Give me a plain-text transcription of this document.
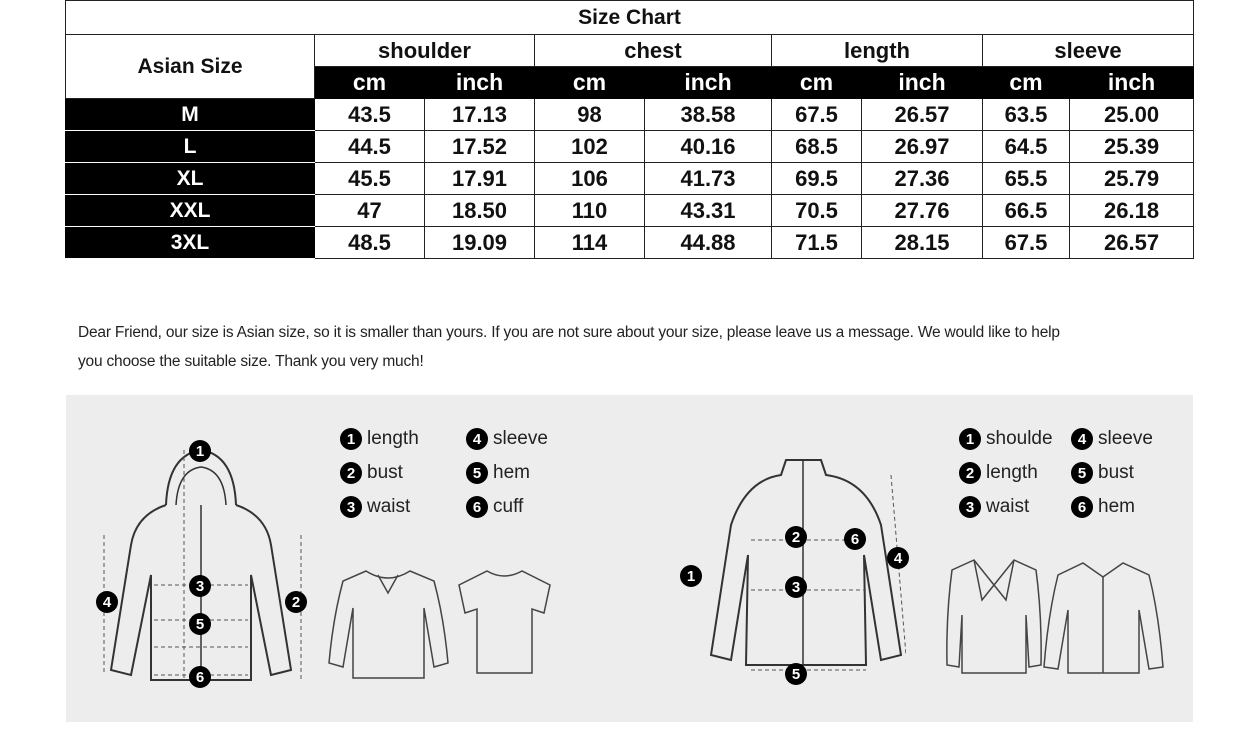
Size Chart								
Asian Size	shoulder		chest		length		sleeve	
	cm	inch	cm	inch	cm	inch	cm	inch
M	43.5	17.13	98	38.58	67.5	26.57	63.5	25.00
L	44.5	17.52	102	40.16	68.5	26.97	64.5	25.39
XL	45.5	17.91	106	41.73	69.5	27.36	65.5	25.79
XXL	47	18.50	110	43.31	70.5	27.76	66.5	26.18
3XL	48.5	19.09	114	44.88	71.5	28.15	67.5	26.57
Dear Friend, our size is Asian size, so it is smaller than yours. If you are not sure about your size, please leave us a message. We would like to help
you choose the suitable size. Thank you very much!
1
2
3
4
5
6
1 length
2 bust
3 waist
4 sleeve
5 hem
6 cuff
1
2
3
4
5
6
1 shoulde
2 length
3 waist
4 sleeve
5 bust
6 hem
